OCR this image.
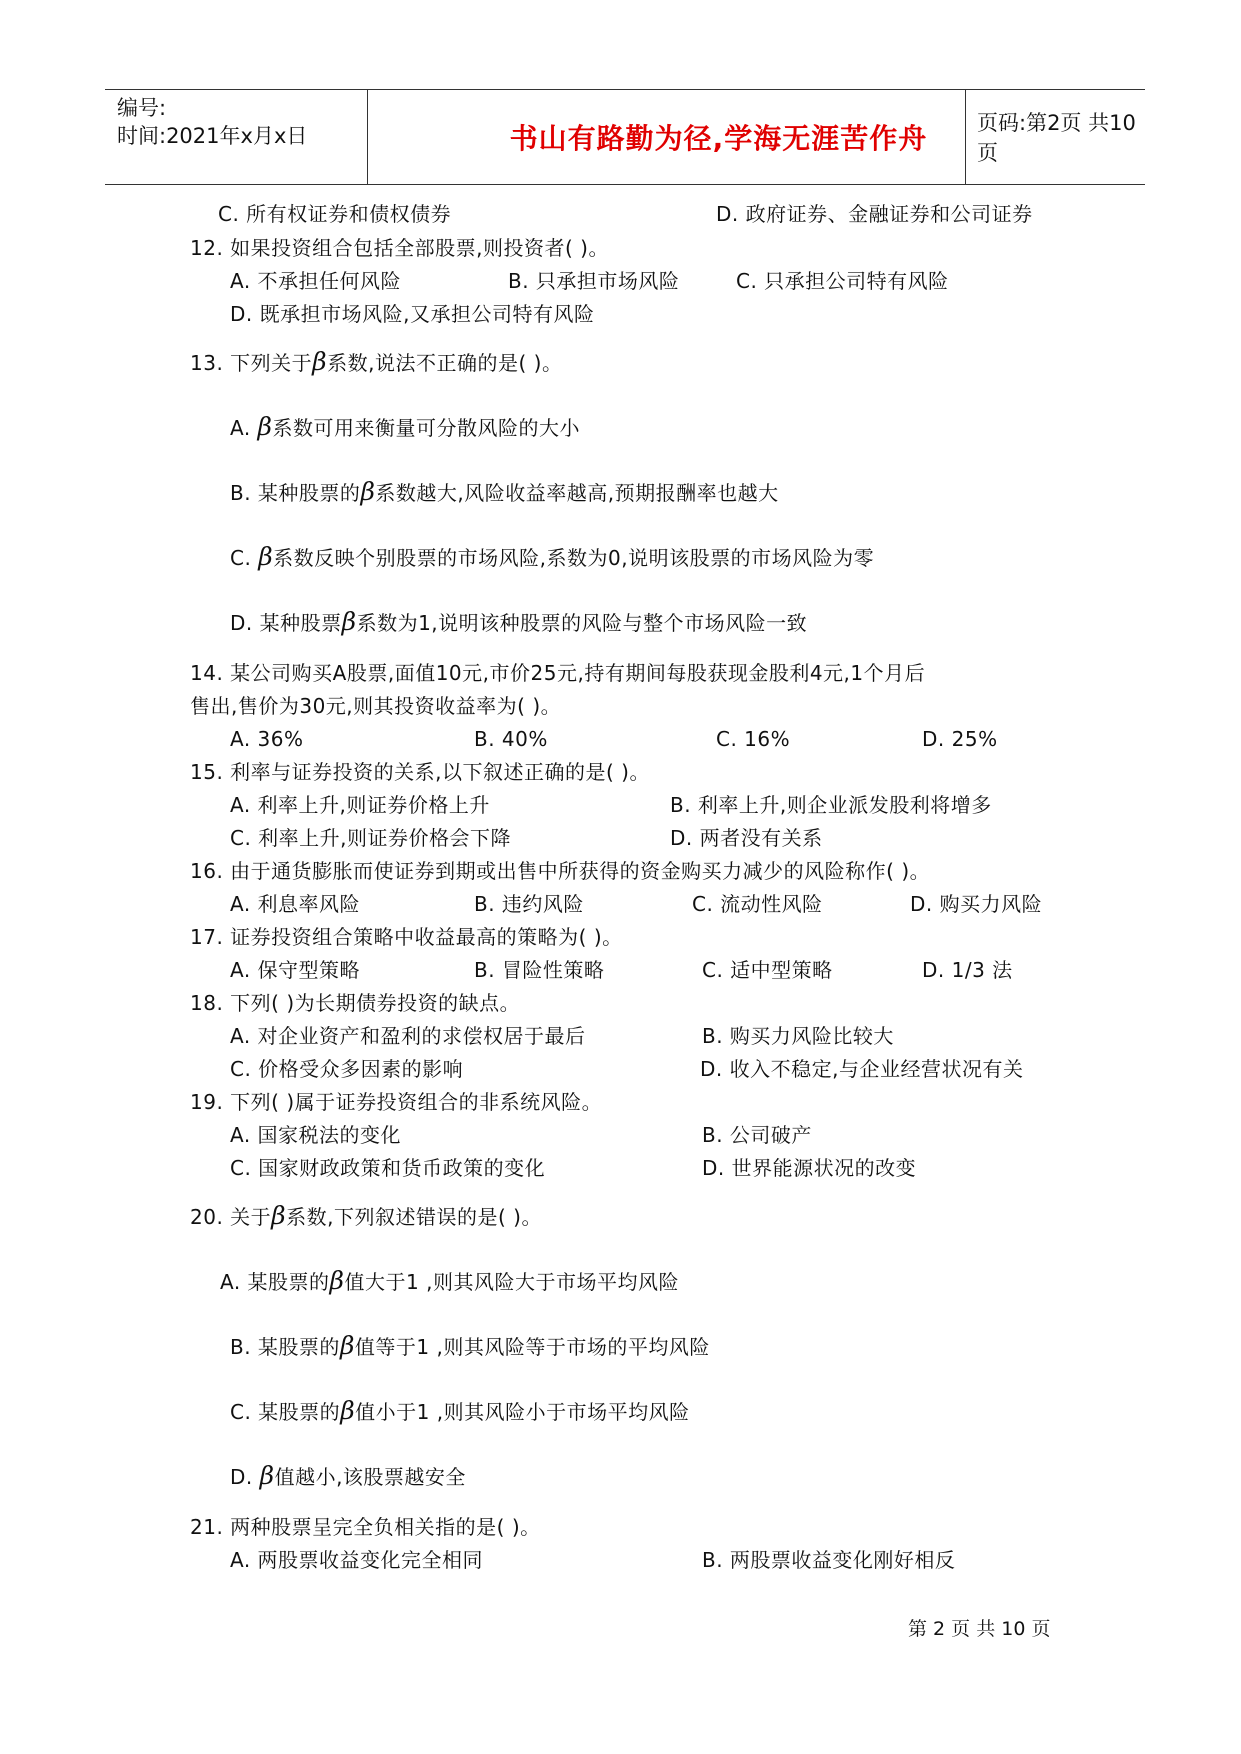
编号:
时间:2021年x月x日	书山有路勤为径,学海无涯苦作舟	页码:第2页 共10页
C. 所有权证券和债权债券	D. 政府证券、金融证券和公司证券
12. 如果投资组合包括全部股票,则投资者( )。
A. 不承担任何风险	B. 只承担市场风险	C. 只承担公司特有风险
D. 既承担市场风险,又承担公司特有风险
13. 下列关于β系数,说法不正确的是( )。
A. β系数可用来衡量可分散风险的大小
B. 某种股票的β系数越大,风险收益率越高,预期报酬率也越大
C. β系数反映个别股票的市场风险,系数为0,说明该股票的市场风险为零
D. 某种股票β系数为1,说明该种股票的风险与整个市场风险一致
14. 某公司购买A股票,面值10元,市价25元,持有期间每股获现金股利4元,1个月后
售出,售价为30元,则其投资收益率为( )。
A. 36%	B. 40%	C. 16%	D. 25%
15. 利率与证券投资的关系,以下叙述正确的是( )。
A. 利率上升,则证券价格上升	B. 利率上升,则企业派发股利将增多
C. 利率上升,则证券价格会下降	D. 两者没有关系
16. 由于通货膨胀而使证券到期或出售中所获得的资金购买力减少的风险称作( )。
A. 利息率风险	B. 违约风险	C. 流动性风险	D. 购买力风险
17. 证券投资组合策略中收益最高的策略为( )。
A. 保守型策略	B. 冒险性策略	C. 适中型策略	D. 1/3 法
18. 下列( )为长期债券投资的缺点。
A. 对企业资产和盈利的求偿权居于最后	B. 购买力风险比较大
C. 价格受众多因素的影响	D. 收入不稳定,与企业经营状况有关
19. 下列( )属于证券投资组合的非系统风险。
A. 国家税法的变化	B. 公司破产
C. 国家财政政策和货币政策的变化	D. 世界能源状况的改变
20. 关于β系数,下列叙述错误的是( )。
A. 某股票的β值大于1 ,则其风险大于市场平均风险
B. 某股票的β值等于1 ,则其风险等于市场的平均风险
C. 某股票的β值小于1 ,则其风险小于市场平均风险
D. β值越小,该股票越安全
21. 两种股票呈完全负相关指的是( )。
A. 两股票收益变化完全相同	B. 两股票收益变化刚好相反
第 2 页 共 10 页
